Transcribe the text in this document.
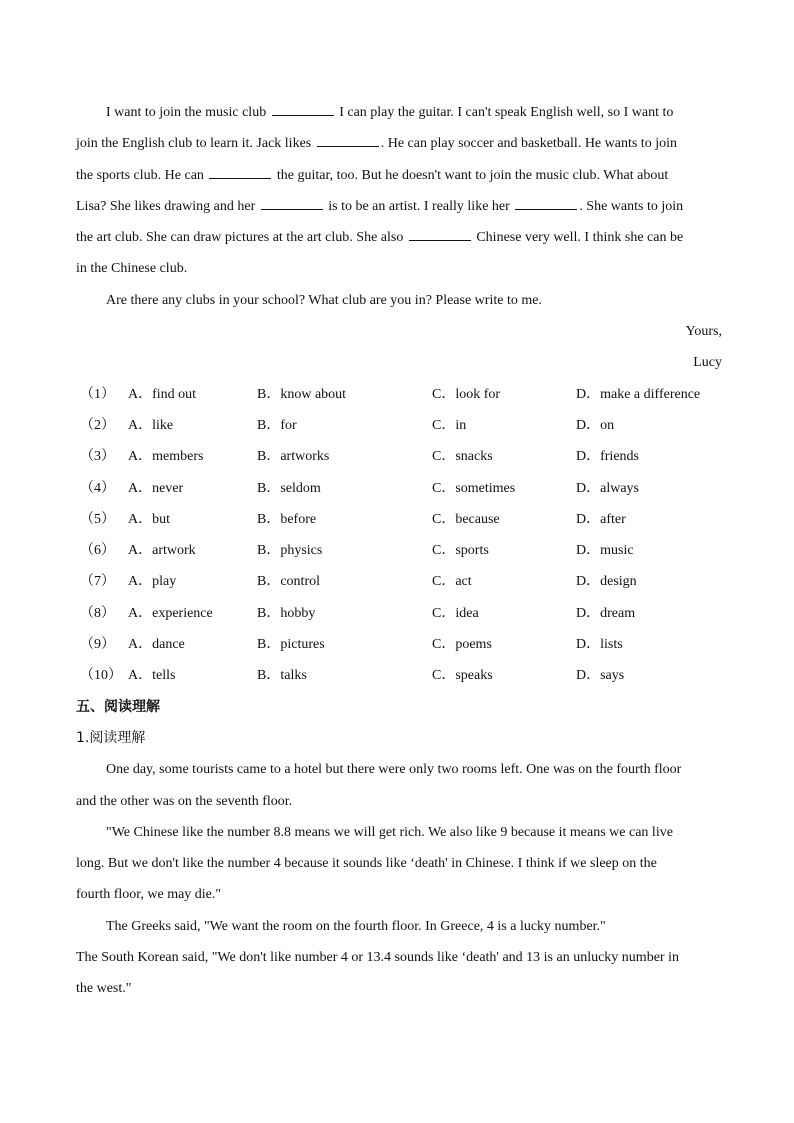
I want to join the music club	I can play the guitar. I can't speak English well, so I want to
join the English club to learn it. Jack likes	. He can play soccer and basketball. He wants to join
the sports club. He can	the guitar, too. But he doesn't want to join the music club. What about
Lisa? She likes drawing and her	is to be an artist. I really like her	. She wants to join
the art club. She can draw pictures at the art club. She also	Chinese very well. I think she can be
in the Chinese club.
Are there any clubs in your school? What club are you in? Please write to me.
Yours,
Lucy
（1） A．find out	B．know about	C．look for	D．make a difference
（2） A．like	B．for	C．in	D．on
（3） A．members	B．artworks	C．snacks	D．friends
（4） A．never	B．seldom	C．sometimes	D．always
（5） A．but	B．before	C．because	D．after
（6） A．artwork	B．physics	C．sports	D．music
（7） A．play	B．control	C．act	D．design
（8） A．experience	B．hobby	C．idea	D．dream
（9） A．dance	B．pictures	C．poems	D．lists
（10） A．tells	B．talks	C．speaks	D．says
五、阅读理解
1.阅读理解
One day, some tourists came to a hotel but there were only two rooms left. One was on the fourth floor
and the other was on the seventh floor.
"We Chinese like the number 8.8 means we will get rich. We also like 9 because it means we can live
long. But we don't like the number 4 because it sounds like ‘death' in Chinese. I think if we sleep on the
fourth floor, we may die."
The Greeks said, "We want the room on the fourth floor. In Greece, 4 is a lucky number."
The South Korean said, "We don't like number 4 or 13.4 sounds like ‘death' and 13 is an unlucky number in
the west."
